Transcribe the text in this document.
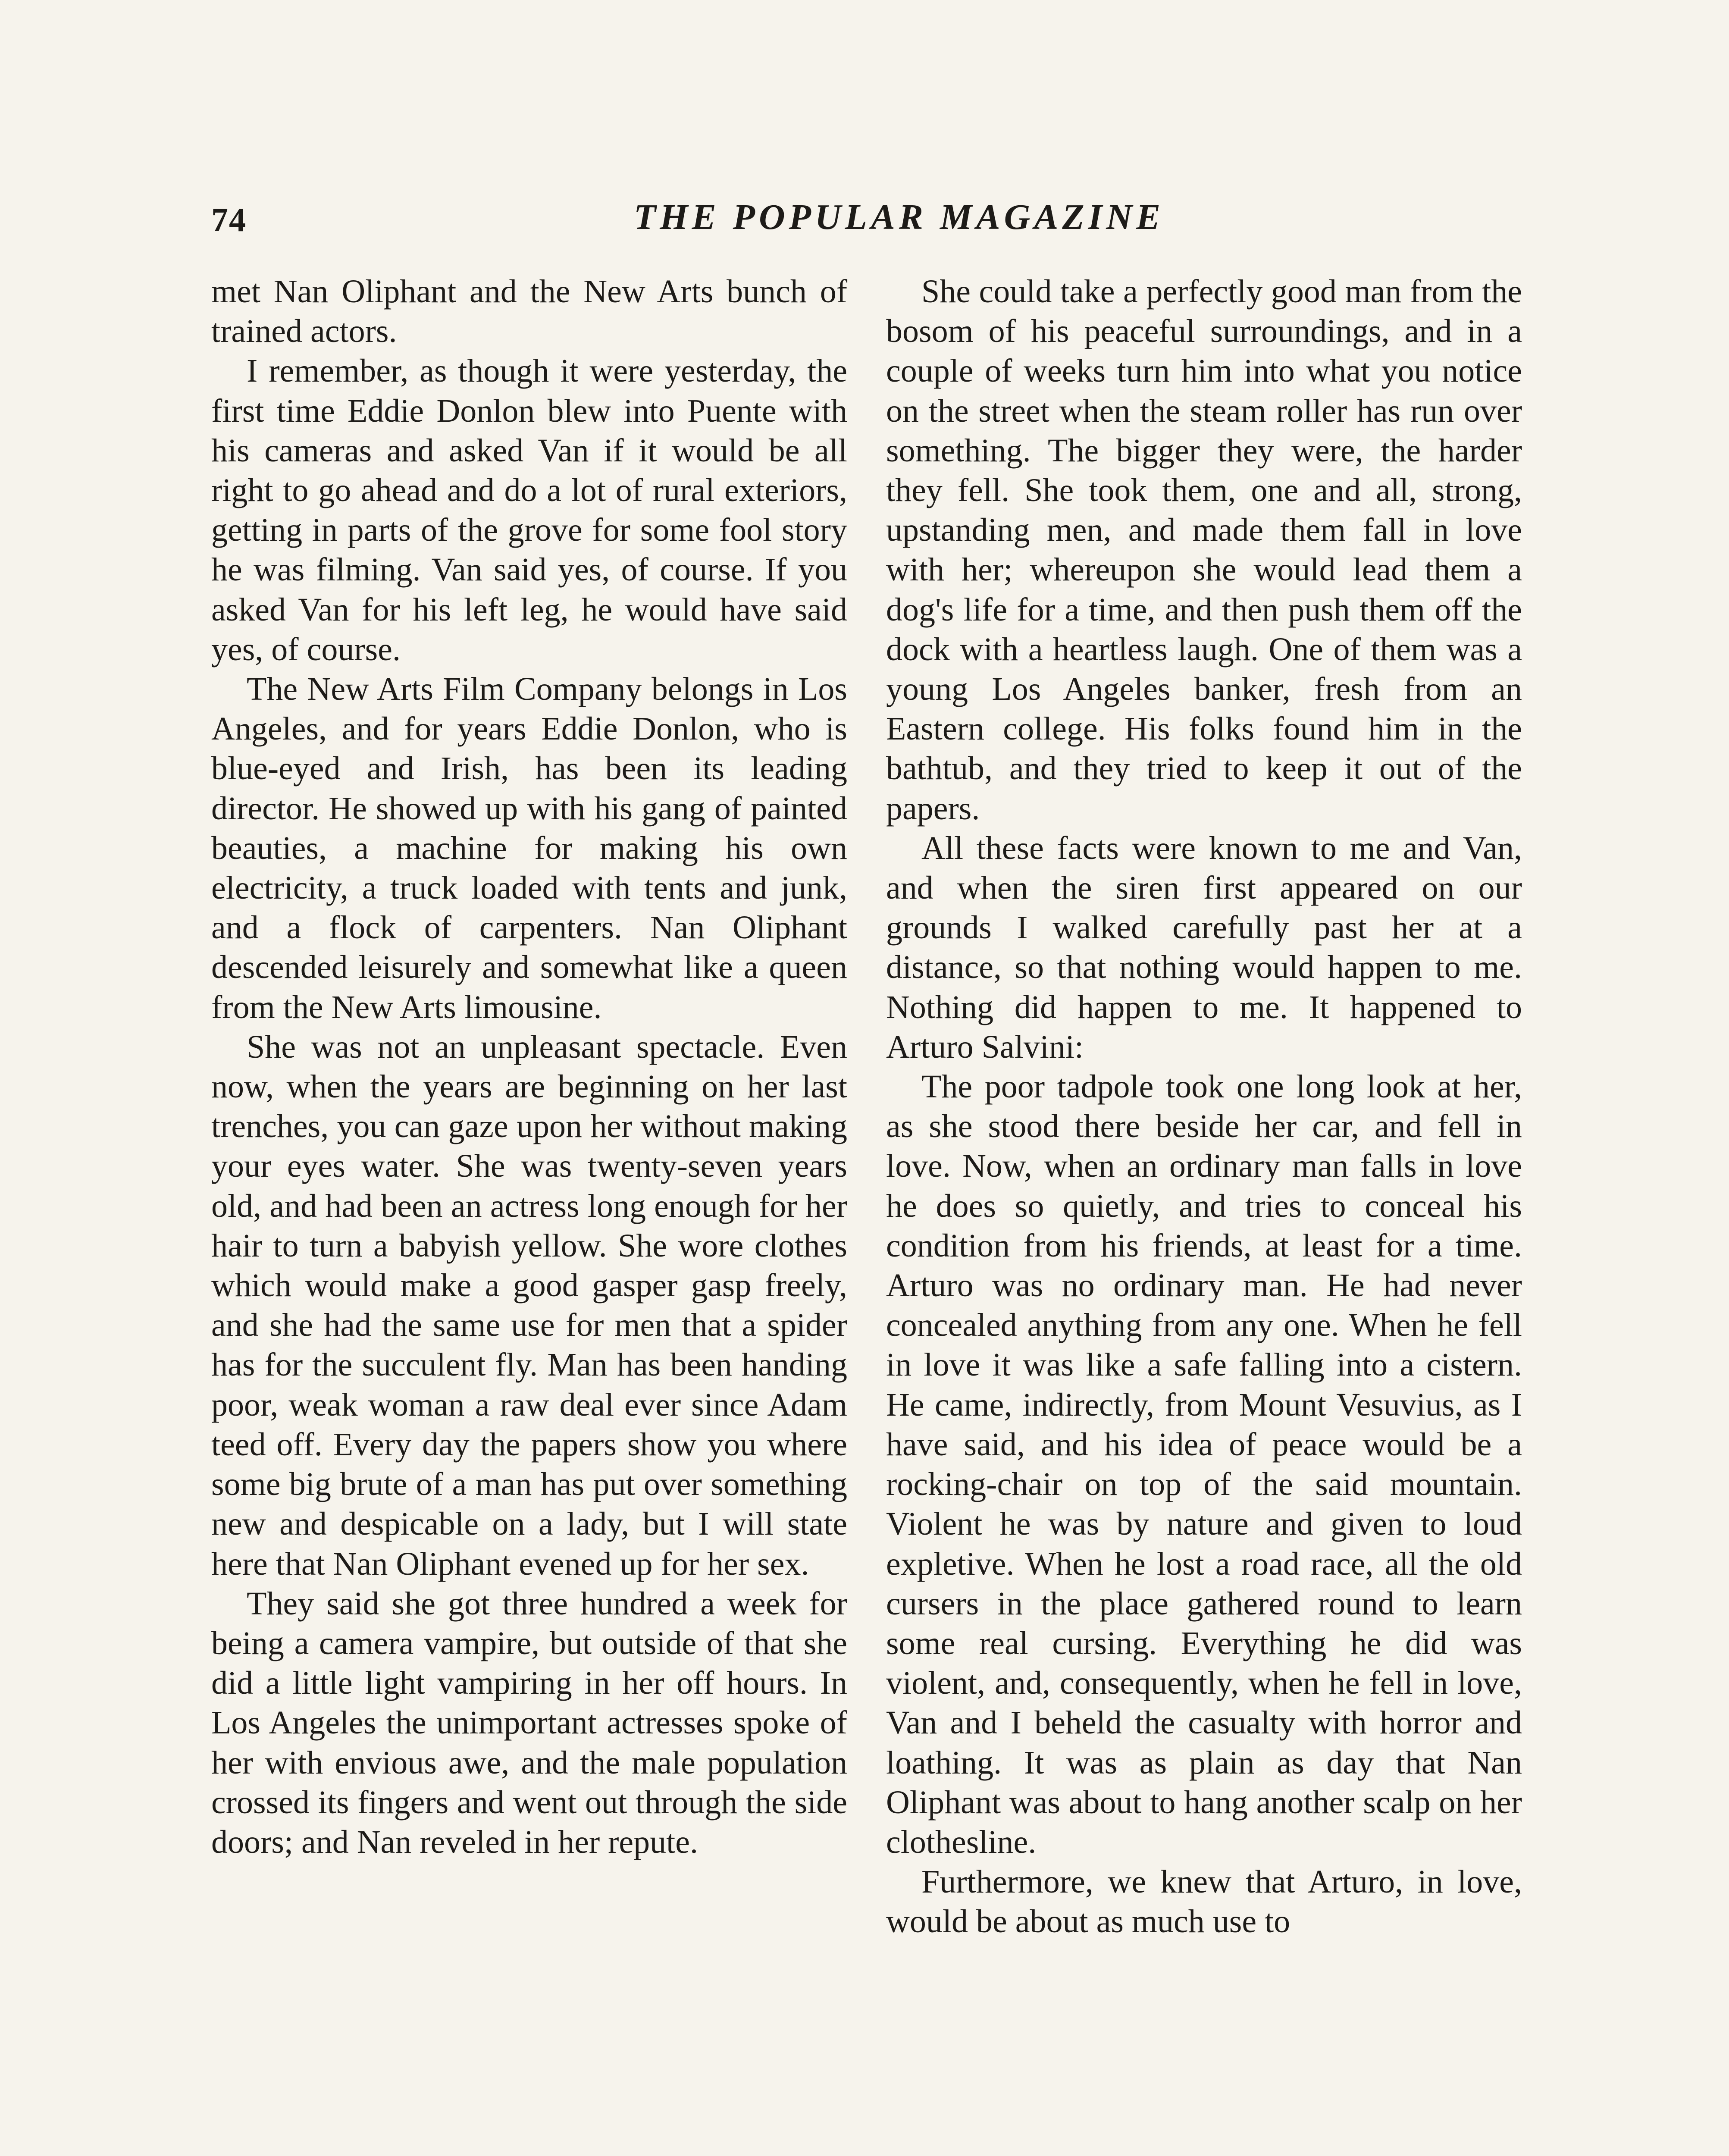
74	THE POPULAR MAGAZINE

met Nan Oliphant and the New Arts bunch of trained actors.

I remember, as though it were yesterday, the first time Eddie Donlon blew into Puente with his cameras and asked Van if it would be all right to go ahead and do a lot of rural exteriors, getting in parts of the grove for some fool story he was filming. Van said yes, of course. If you asked Van for his left leg, he would have said yes, of course.

The New Arts Film Company belongs in Los Angeles, and for years Eddie Donlon, who is blue-eyed and Irish, has been its leading director. He showed up with his gang of painted beauties, a machine for making his own electricity, a truck loaded with tents and junk, and a flock of carpenters. Nan Oliphant descended leisurely and somewhat like a queen from the New Arts limousine.

She was not an unpleasant spectacle. Even now, when the years are beginning on her last trenches, you can gaze upon her without making your eyes water. She was twenty-seven years old, and had been an actress long enough for her hair to turn a babyish yellow. She wore clothes which would make a good gasper gasp freely, and she had the same use for men that a spider has for the succulent fly. Man has been handing poor, weak woman a raw deal ever since Adam teed off. Every day the papers show you where some big brute of a man has put over something new and despicable on a lady, but I will state here that Nan Oliphant evened up for her sex.

They said she got three hundred a week for being a camera vampire, but outside of that she did a little light vampiring in her off hours. In Los Angeles the unimportant actresses spoke of her with envious awe, and the male population crossed its fingers and went out through the side doors; and Nan reveled in her repute.

She could take a perfectly good man from the bosom of his peaceful surroundings, and in a couple of weeks turn him into what you notice on the street when the steam roller has run over something. The bigger they were, the harder they fell. She took them, one and all, strong, upstanding men, and made them fall in love with her; whereupon she would lead them a dog's life for a time, and then push them off the dock with a heartless laugh. One of them was a young Los Angeles banker, fresh from an Eastern college. His folks found him in the bathtub, and they tried to keep it out of the papers.

All these facts were known to me and Van, and when the siren first appeared on our grounds I walked carefully past her at a distance, so that nothing would happen to me. Nothing did happen to me. It happened to Arturo Salvini:

The poor tadpole took one long look at her, as she stood there beside her car, and fell in love. Now, when an ordinary man falls in love he does so quietly, and tries to conceal his condition from his friends, at least for a time. Arturo was no ordinary man. He had never concealed anything from any one. When he fell in love it was like a safe falling into a cistern. He came, indirectly, from Mount Vesuvius, as I have said, and his idea of peace would be a rocking-chair on top of the said mountain. Violent he was by nature and given to loud expletive. When he lost a road race, all the old cursers in the place gathered round to learn some real cursing. Everything he did was violent, and, consequently, when he fell in love, Van and I beheld the casualty with horror and loathing. It was as plain as day that Nan Oliphant was about to hang another scalp on her clothesline.

Furthermore, we knew that Arturo, in love, would be about as much use to
